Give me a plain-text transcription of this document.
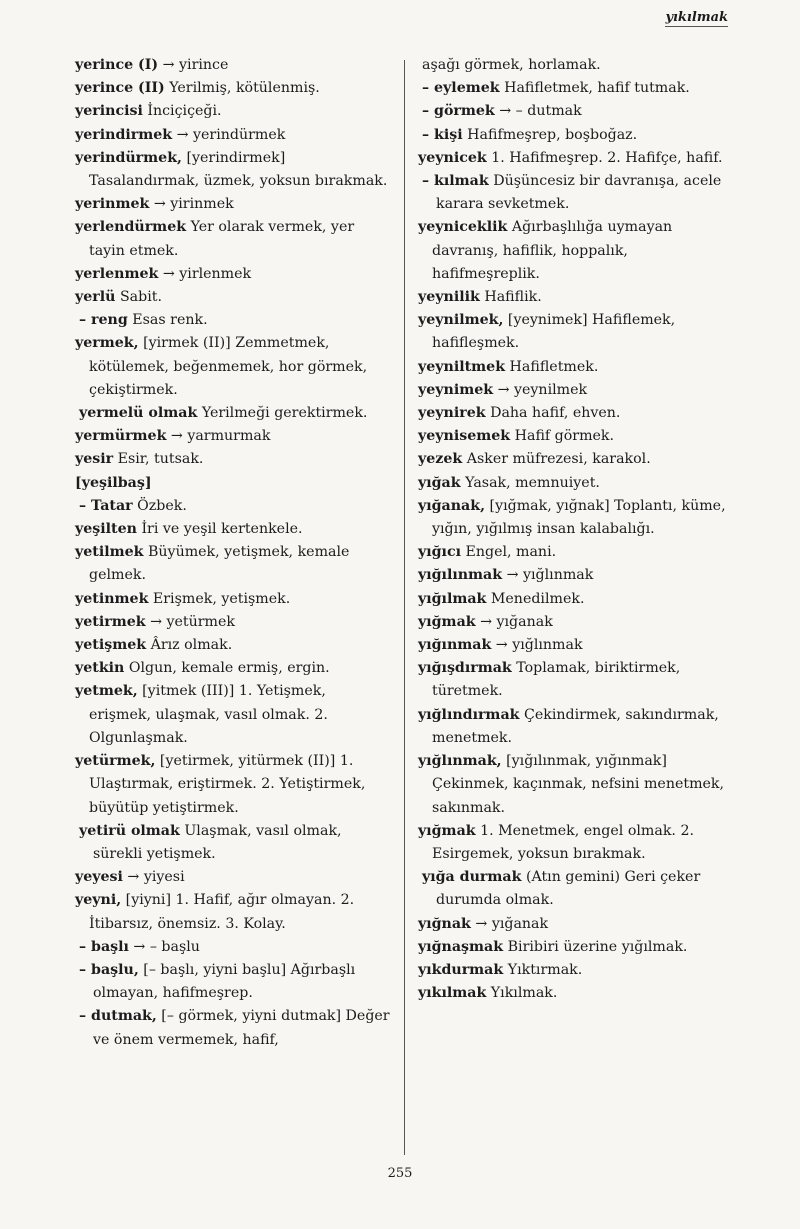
yıkılmak
yerince (I) → yirince
yerince (II) Yerilmiş, kötülenmiş.
yerincisi İnciçiçeği.
yerindirmek → yerindürmek
yerindürmek, [yerindirmek] Tasalandırmak, üzmek, yoksun bırakmak.
yerinmek → yirinmek
yerlendürmek Yer olarak vermek, yer tayin etmek.
yerlenmek → yirlenmek
yerlü Sabit.
– reng Esas renk.
yermek, [yirmek (II)] Zemmetmek, kötülemek, beğenmemek, hor görmek, çekiştirmek.
yermelü olmak Yerilmeği gerektirmek.
yermürmek → yarmurmak
yesir Esir, tutsak.
[yeşilbaş]
– Tatar Özbek.
yeşilten İri ve yeşil kertenkele.
yetilmek Büyümek, yetişmek, kemale gelmek.
yetinmek Erişmek, yetişmek.
yetirmek → yetürmek
yetişmek Ârız olmak.
yetkin Olgun, kemale ermiş, ergin.
yetmek, [yitmek (III)] 1. Yetişmek, erişmek, ulaşmak, vasıl olmak. 2. Olgunlaşmak.
yetürmek, [yetirmek, yitürmek (II)] 1. Ulaştırmak, eriştirmek. 2. Yetiştirmek, büyütüp yetiştirmek.
yetirü olmak Ulaşmak, vasıl olmak, sürekli yetişmek.
yeyesi → yiyesi
yeyni, [yiyni] 1. Hafif, ağır olmayan. 2. İtibarsız, önemsiz. 3. Kolay.
– başlı → – başlu
– başlu, [– başlı, yiyni başlu] Ağırbaşlı olmayan, hafifmeşrep.
– dutmak, [– görmek, yiyni dutmak] Değer ve önem vermemek, hafif,
aşağı görmek, horlamak.
– eylemek Hafifletmek, hafif tutmak.
– görmek → – dutmak
– kişi Hafifmeşrep, boşboğaz.
yeynicek 1. Hafifmeşrep. 2. Hafifçe, hafif.
– kılmak Düşüncesiz bir davranışa, acele karara sevketmek.
yeyniceklik Ağırbaşlılığa uymayan davranış, hafiflik, hoppalık, hafifmeşreplik.
yeynilik Hafiflik.
yeynilmek, [yeynimek] Hafiflemek, hafifleşmek.
yeyniltmek Hafifletmek.
yeynimek → yeynilmek
yeynirek Daha hafif, ehven.
yeynisemek Hafif görmek.
yezek Asker müfrezesi, karakol.
yığak Yasak, memnuiyet.
yığanak, [yığmak, yığnak] Toplantı, küme, yığın, yığılmış insan kalabalığı.
yığıcı Engel, mani.
yığılınmak → yığlınmak
yığılmak Menedilmek.
yığmak → yığanak
yığınmak → yığlınmak
yığışdırmak Toplamak, biriktirmek, türetmek.
yığlındırmak Çekindirmek, sakındırmak, menetmek.
yığlınmak, [yığılınmak, yığınmak] Çekinmek, kaçınmak, nefsini menetmek, sakınmak.
yığmak 1. Menetmek, engel olmak. 2. Esirgemek, yoksun bırakmak.
yığa durmak (Atın gemini) Geri çeker durumda olmak.
yığnak → yığanak
yığnaşmak Biribiri üzerine yığılmak.
yıkdurmak Yıktırmak.
yıkılmak Yıkılmak.
255
